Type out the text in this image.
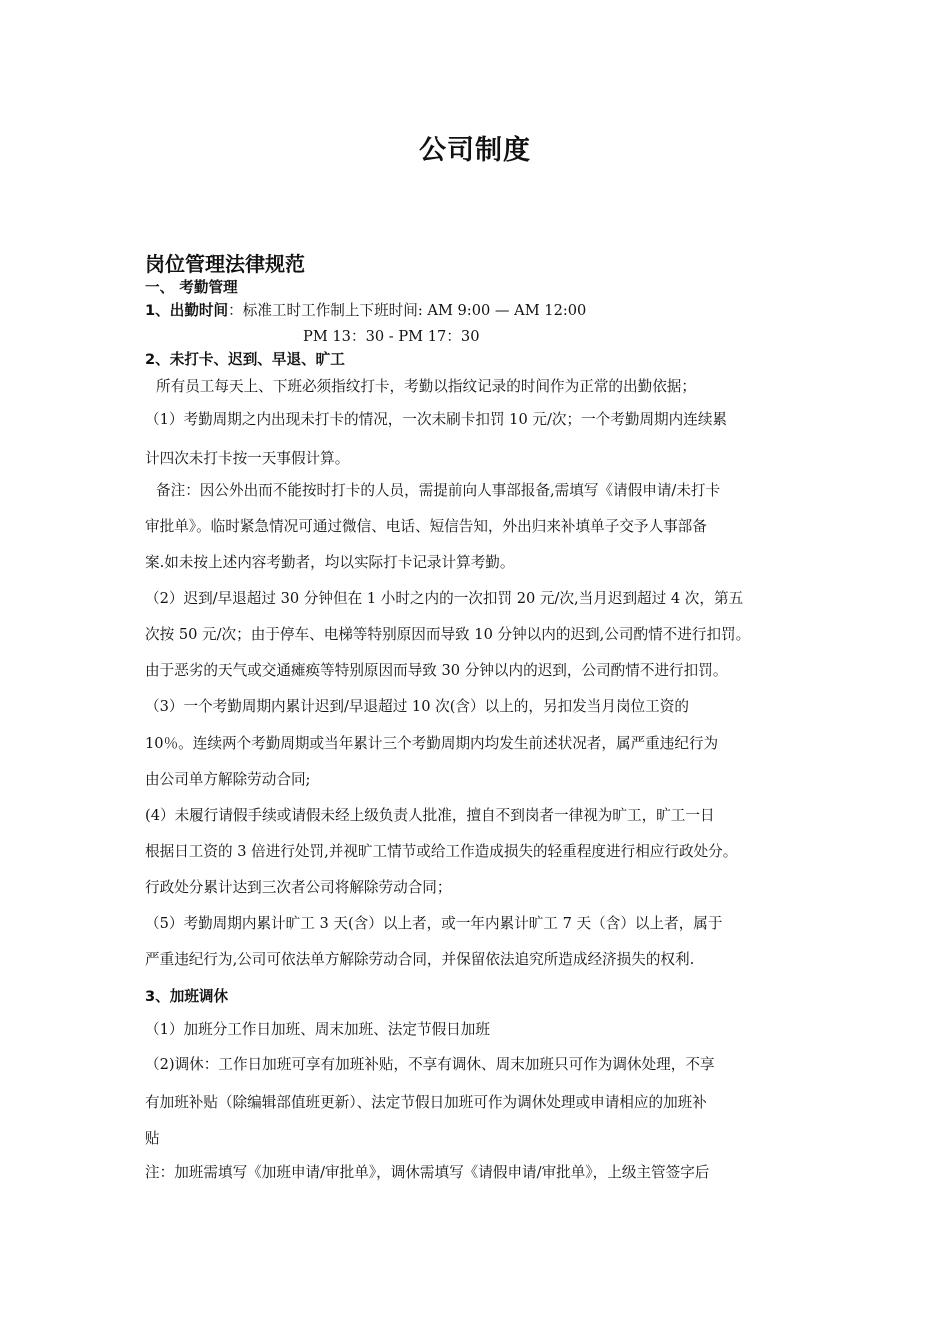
公司制度
岗位管理法律规范
一、 考勤管理
1、出勤时间：标准工时工作制上下班时间: AM 9:00 — AM 12:00
PM 13：30 - PM 17：30
2、未打卡、迟到、早退、旷工
所有员工每天上、下班必须指纹打卡，考勤以指纹记录的时间作为正常的出勤依据；
（1）考勤周期之内出现未打卡的情况，一次未刷卡扣罚 10 元/次；一个考勤周期内连续累
计四次未打卡按一天事假计算。
备注：因公外出而不能按时打卡的人员，需提前向人事部报备,需填写《请假申请/未打卡
审批单》。临时紧急情况可通过微信、电话、短信告知，外出归来补填单子交予人事部备
案.如未按上述内容考勤者，均以实际打卡记录计算考勤。
（2）迟到/早退超过 30 分钟但在 1 小时之内的一次扣罚 20 元/次,当月迟到超过 4 次，第五
次按 50 元/次；由于停车、电梯等特别原因而导致 10 分钟以内的迟到,公司酌情不进行扣罚。
由于恶劣的天气或交通瘫痪等特别原因而导致 30 分钟以内的迟到，公司酌情不进行扣罚。
（3）一个考勤周期内累计迟到/早退超过 10 次(含）以上的，另扣发当月岗位工资的
10％。连续两个考勤周期或当年累计三个考勤周期内均发生前述状况者，属严重违纪行为
由公司单方解除劳动合同;
(4）未履行请假手续或请假未经上级负责人批准，擅自不到岗者一律视为旷工，旷工一日
根据日工资的 3 倍进行处罚,并视旷工情节或给工作造成损失的轻重程度进行相应行政处分。
行政处分累计达到三次者公司将解除劳动合同；
（5）考勤周期内累计旷工 3 天(含）以上者，或一年内累计旷工 7 天（含）以上者，属于
严重违纪行为,公司可依法单方解除劳动合同，并保留依法追究所造成经济损失的权利.
3、加班调休
（1）加班分工作日加班、周末加班、法定节假日加班
（2)调休：工作日加班可享有加班补贴，不享有调休、周末加班只可作为调休处理，不享
有加班补贴（除编辑部值班更新）、法定节假日加班可作为调休处理或申请相应的加班补
贴
注：加班需填写《加班申请/审批单》，调休需填写《请假申请/审批单》，上级主管签字后
